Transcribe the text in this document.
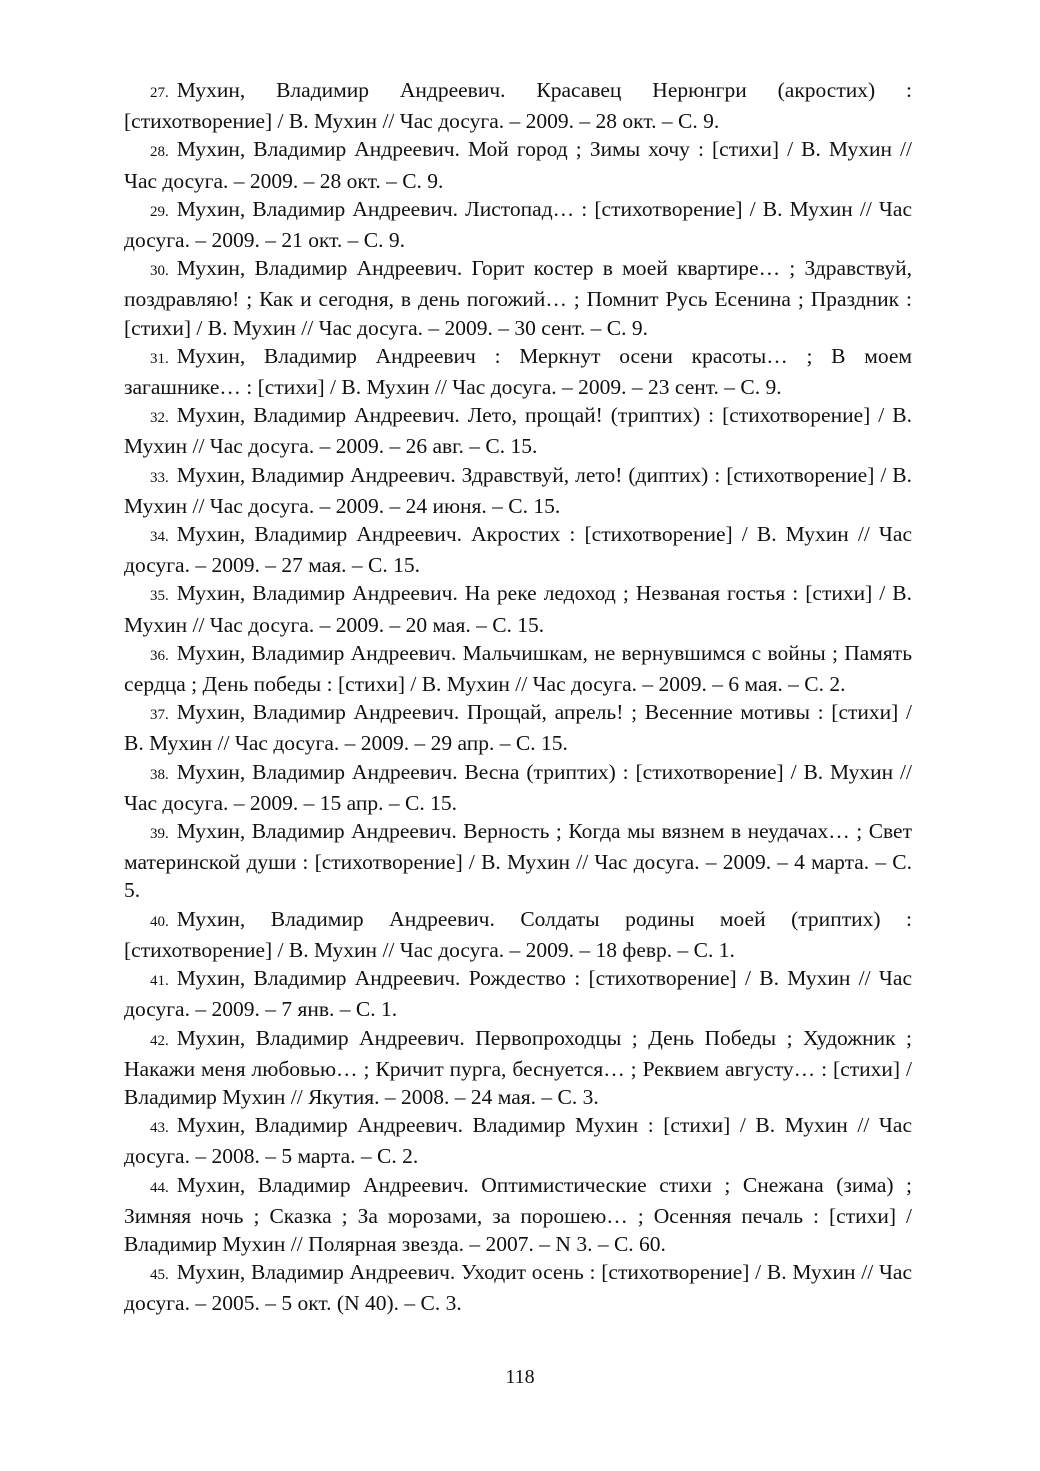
27. Мухин, Владимир Андреевич. Красавец Нерюнгри (акростих) : [стихотворение] / В. Мухин // Час досуга. – 2009. – 28 окт. – С. 9.

28. Мухин, Владимир Андреевич. Мой город ; Зимы хочу : [стихи] / В. Мухин // Час досуга. – 2009. – 28 окт. – С. 9.

29. Мухин, Владимир Андреевич. Листопад… : [стихотворение] / В. Мухин // Час досуга. – 2009. – 21 окт. – С. 9.

30. Мухин, Владимир Андреевич. Горит костер в моей квартире… ; Здравствуй, поздравляю! ; Как и сегодня, в день погожий… ; Помнит Русь Есенина ; Праздник : [стихи] / В. Мухин // Час досуга. – 2009. – 30 сент. – С. 9.

31. Мухин, Владимир Андреевич : Меркнут осени красоты… ; В моем загашнике… : [стихи] / В. Мухин // Час досуга. – 2009. – 23 сент. – С. 9.

32. Мухин, Владимир Андреевич. Лето, прощай! (триптих) : [стихотворение] / В. Мухин // Час досуга. – 2009. – 26 авг. – С. 15.

33. Мухин, Владимир Андреевич. Здравствуй, лето! (диптих) : [стихотворение] / В. Мухин // Час досуга. – 2009. – 24 июня. – С. 15.

34. Мухин, Владимир Андреевич. Акростих : [стихотворение] / В. Мухин // Час досуга. – 2009. – 27 мая. – С. 15.

35. Мухин, Владимир Андреевич. На реке ледоход ; Незваная гостья : [стихи] / В. Мухин // Час досуга. – 2009. – 20 мая. – С. 15.

36. Мухин, Владимир Андреевич. Мальчишкам, не вернувшимся с войны ; Память сердца ; День победы : [стихи] / В. Мухин // Час досуга. – 2009. – 6 мая. – С. 2.

37. Мухин, Владимир Андреевич. Прощай, апрель! ; Весенние мотивы : [стихи] / В. Мухин // Час досуга. – 2009. – 29 апр. – С. 15.

38. Мухин, Владимир Андреевич. Весна (триптих) : [стихотворение] / В. Мухин // Час досуга. – 2009. – 15 апр. – С. 15.

39. Мухин, Владимир Андреевич. Верность ; Когда мы вязнем в неудачах… ; Свет материнской души : [стихотворение] / В. Мухин // Час досуга. – 2009. – 4 марта. – С. 5.

40. Мухин, Владимир Андреевич. Солдаты родины моей (триптих) : [стихотворение] / В. Мухин // Час досуга. – 2009. – 18 февр. – С. 1.

41. Мухин, Владимир Андреевич. Рождество : [стихотворение] / В. Мухин // Час досуга. – 2009. – 7 янв. – С. 1.

42. Мухин, Владимир Андреевич. Первопроходцы ; День Победы ; Художник ; Накажи меня любовью… ; Кричит пурга, беснуется… ; Реквием августу… : [стихи] / Владимир Мухин // Якутия. – 2008. – 24 мая. – С. 3.

43. Мухин, Владимир Андреевич. Владимир Мухин : [стихи] / В. Мухин // Час досуга. – 2008. – 5 марта. – С. 2.

44. Мухин, Владимир Андреевич. Оптимистические стихи ; Снежана (зима) ; Зимняя ночь ; Сказка ; За морозами, за порошею… ; Осенняя печаль : [стихи] / Владимир Мухин // Полярная звезда. – 2007. – N 3. – С. 60.

45. Мухин, Владимир Андреевич. Уходит осень : [стихотворение] / В. Мухин // Час досуга. – 2005. – 5 окт. (N 40). – С. 3.

118
